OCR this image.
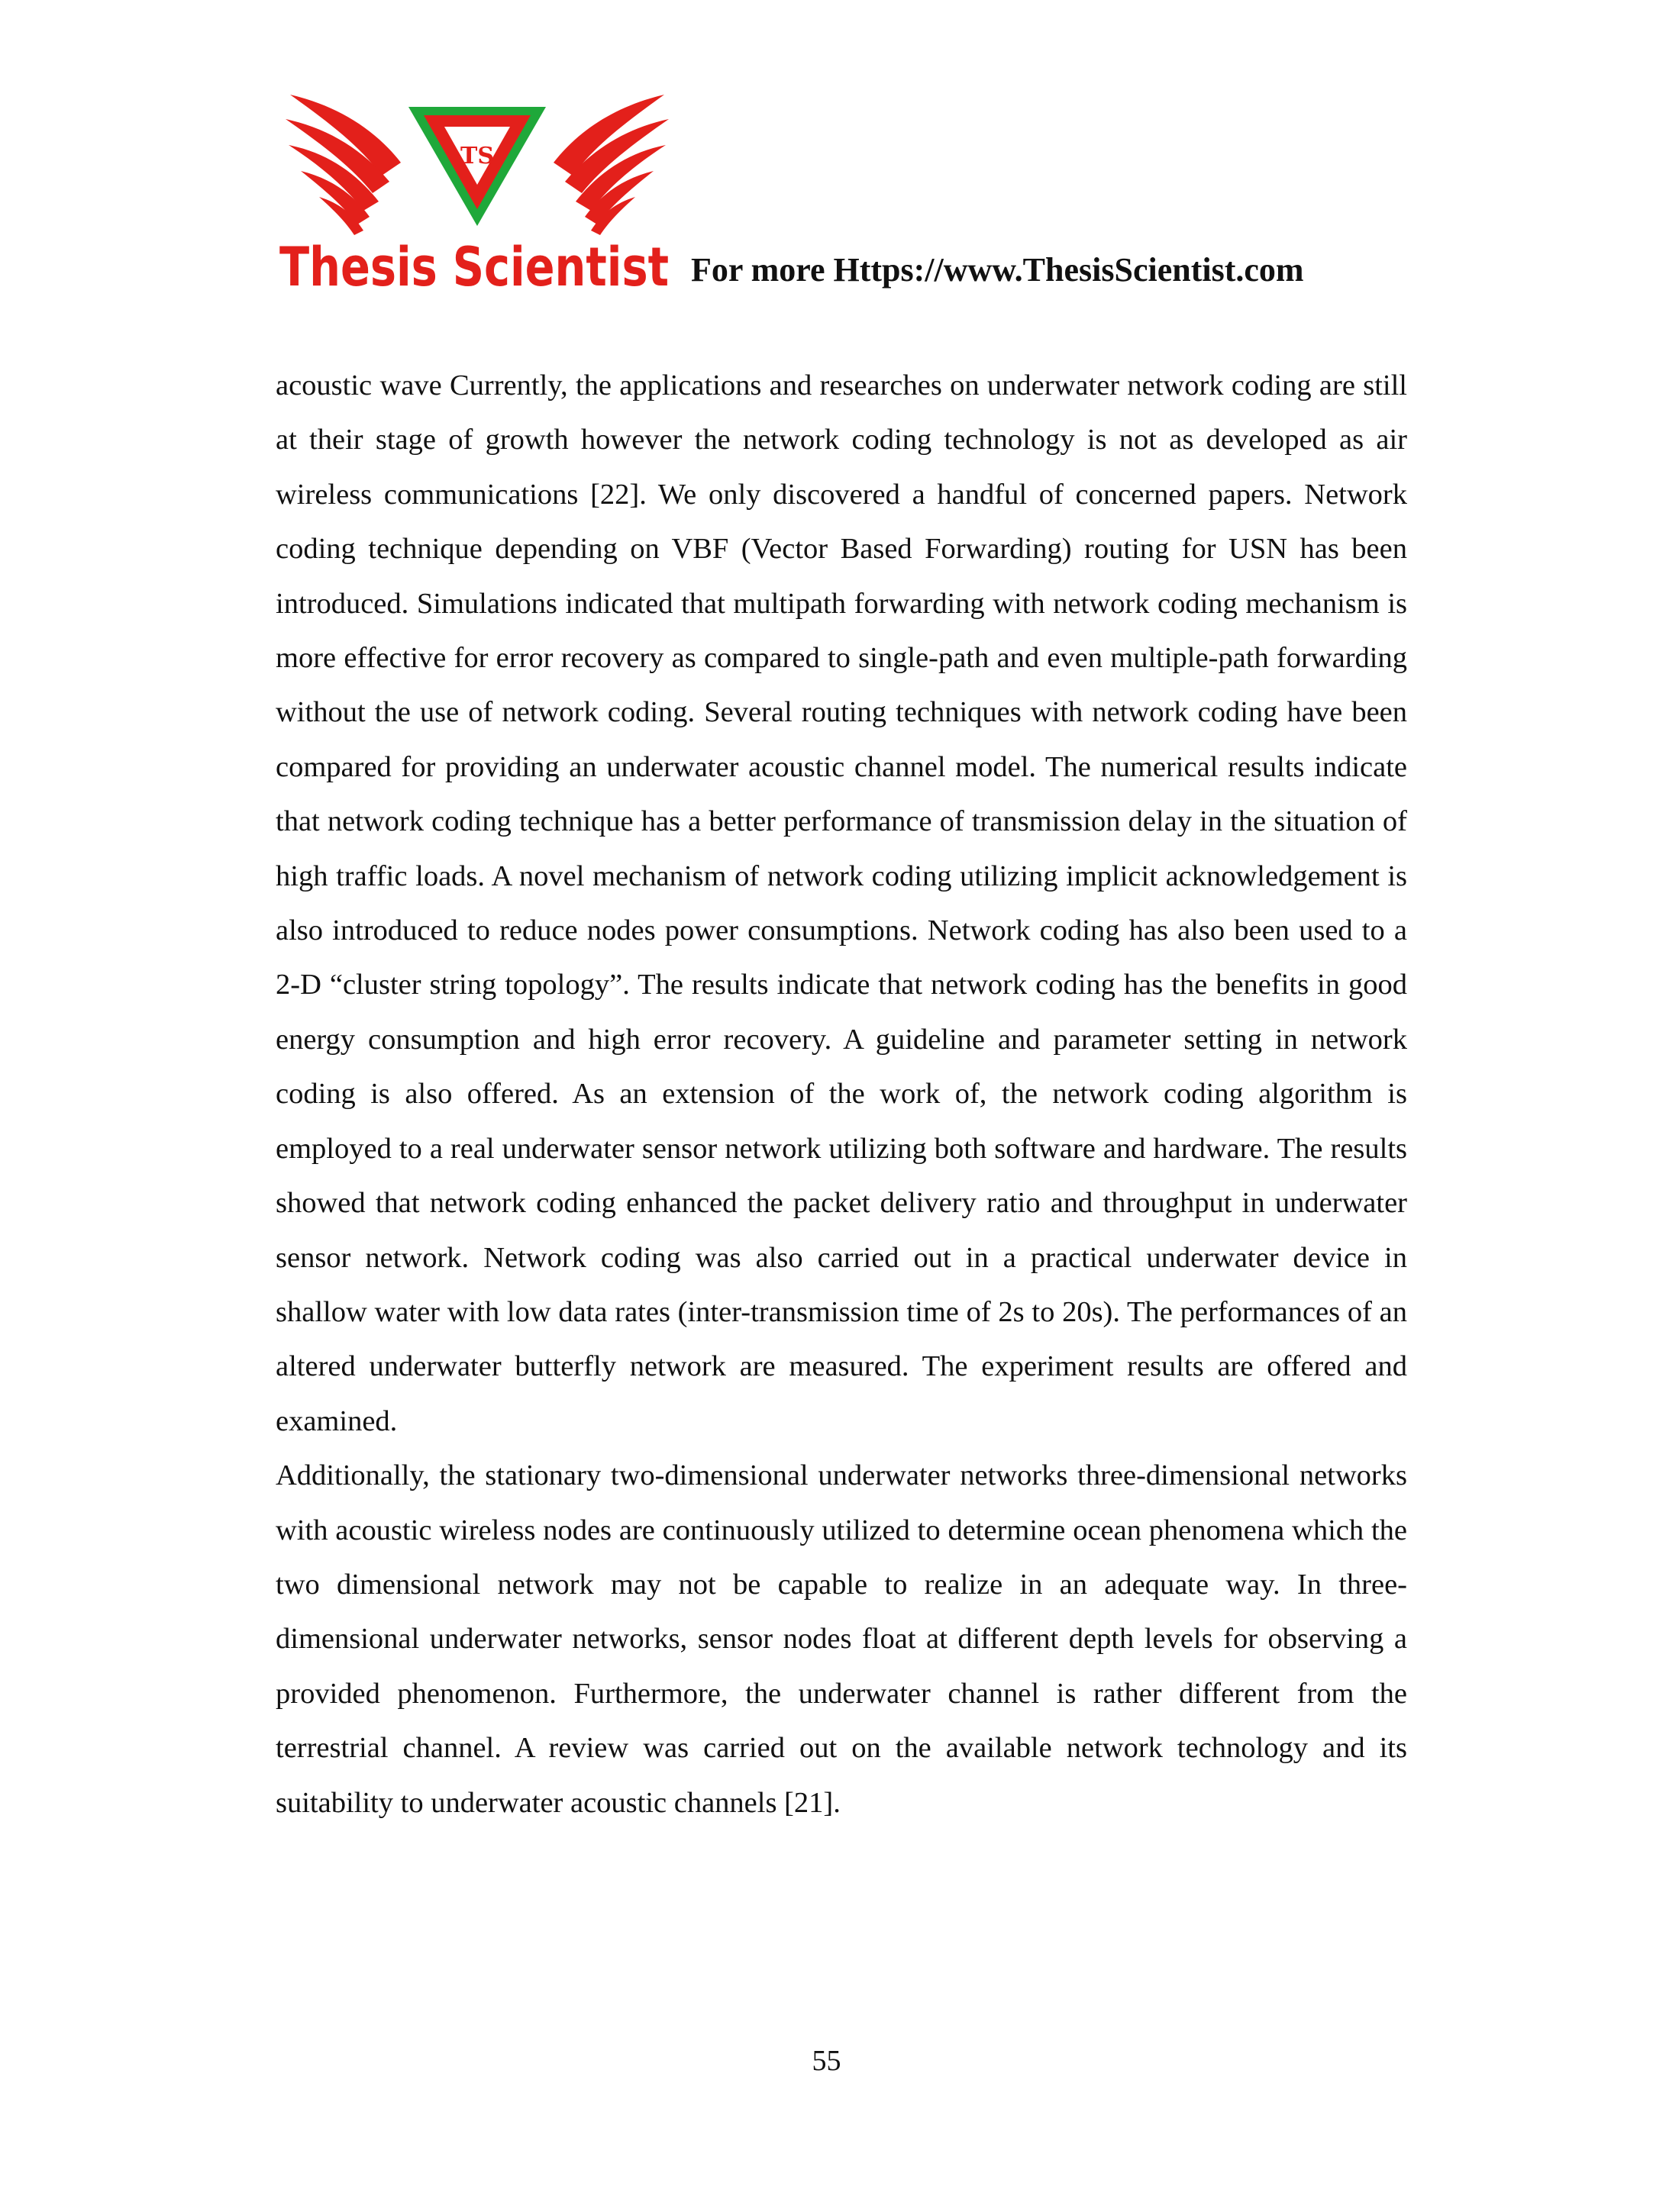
TS
Thesis Scientist For more Https://www.ThesisScientist.com

acoustic wave Currently, the applications and researches on underwater network coding are still at their stage of growth however the network coding technology is not as developed as air wireless communications [22]. We only discovered a handful of concerned papers. Network coding technique depending on VBF (Vector Based Forwarding) routing for USN has been introduced. Simulations indicated that multipath forwarding with network coding mechanism is more effective for error recovery as compared to single-path and even multiple-path forwarding without the use of network coding. Several routing techniques with network coding have been compared for providing an underwater acoustic channel model. The numerical results indicate that network coding technique has a better performance of transmission delay in the situation of high traffic loads. A novel mechanism of network coding utilizing implicit acknowledgement is also introduced to reduce nodes power consumptions. Network coding has also been used to a 2-D “cluster string topology”. The results indicate that network coding has the benefits in good energy consumption and high error recovery. A guideline and parameter setting in network coding is also offered. As an extension of the work of, the network coding algorithm is employed to a real underwater sensor network utilizing both software and hardware. The results showed that network coding enhanced the packet delivery ratio and throughput in underwater sensor network. Network coding was also carried out in a practical underwater device in shallow water with low data rates (inter-transmission time of 2s to 20s). The performances of an altered underwater butterfly network are measured. The experiment results are offered and examined.

Additionally, the stationary two-dimensional underwater networks three-dimensional networks with acoustic wireless nodes are continuously utilized to determine ocean phenomena which the two dimensional network may not be capable to realize in an adequate way. In three-dimensional underwater networks, sensor nodes float at different depth levels for observing a provided phenomenon. Furthermore, the underwater channel is rather different from the terrestrial channel. A review was carried out on the available network technology and its suitability to underwater acoustic channels [21].

55
